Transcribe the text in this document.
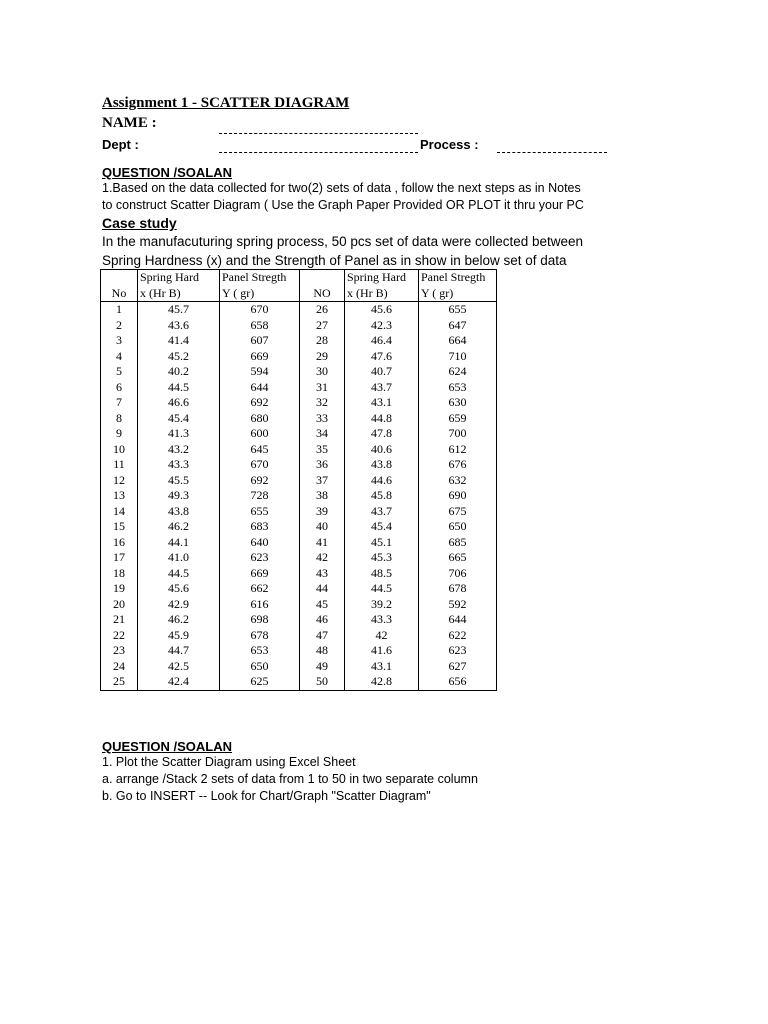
Assignment 1 - SCATTER DIAGRAM
NAME :
Dept :	Process :
QUESTION /SOALAN
1.Based on the data collected for two(2) sets of data , follow the next steps as in Notes
to construct Scatter Diagram ( Use the Graph Paper Provided OR PLOT it thru your PC
Case study
In the manufacuturing spring process, 50 pcs set of data were collected between
Spring Hardness (x) and the Strength of Panel as in show in below set of data
	Spring Hard	Panel Stregth		Spring Hard	Panel Stregth
No	x (Hr B)	Y ( gr)	NO	x (Hr B)	Y ( gr)
1	45.7	670	26	45.6	655
2	43.6	658	27	42.3	647
3	41.4	607	28	46.4	664
4	45.2	669	29	47.6	710
5	40.2	594	30	40.7	624
6	44.5	644	31	43.7	653
7	46.6	692	32	43.1	630
8	45.4	680	33	44.8	659
9	41.3	600	34	47.8	700
10	43.2	645	35	40.6	612
11	43.3	670	36	43.8	676
12	45.5	692	37	44.6	632
13	49.3	728	38	45.8	690
14	43.8	655	39	43.7	675
15	46.2	683	40	45.4	650
16	44.1	640	41	45.1	685
17	41.0	623	42	45.3	665
18	44.5	669	43	48.5	706
19	45.6	662	44	44.5	678
20	42.9	616	45	39.2	592
21	46.2	698	46	43.3	644
22	45.9	678	47	42	622
23	44.7	653	48	41.6	623
24	42.5	650	49	43.1	627
25	42.4	625	50	42.8	656
QUESTION /SOALAN
1. Plot the Scatter Diagram using Excel Sheet
a. arrange /Stack 2 sets of data from 1 to 50 in two separate column
b. Go to INSERT -- Look for Chart/Graph "Scatter Diagram"
